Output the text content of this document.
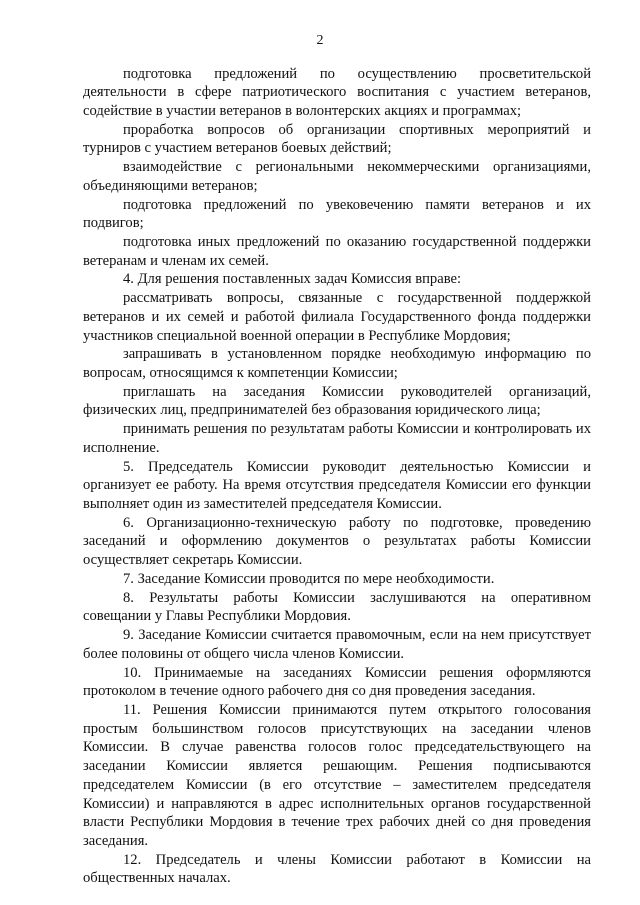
2

подготовка предложений по осуществлению просветительской деятельности в сфере патриотического воспитания с участием ветеранов, содействие в участии ветеранов в волонтерских акциях и программах;

проработка вопросов об организации спортивных мероприятий и турниров с участием ветеранов боевых действий;

взаимодействие с региональными некоммерческими организациями, объединяющими ветеранов;

подготовка предложений по увековечению памяти ветеранов и их подвигов;

подготовка иных предложений по оказанию государственной поддержки ветеранам и членам их семей.

4. Для решения поставленных задач Комиссия вправе:

рассматривать вопросы, связанные с государственной поддержкой ветеранов и их семей и работой филиала Государственного фонда поддержки участников специальной военной операции в Республике Мордовия;

запрашивать в установленном порядке необходимую информацию по вопросам, относящимся к компетенции Комиссии;

приглашать на заседания Комиссии руководителей организаций, физических лиц, предпринимателей без образования юридического лица;

принимать решения по результатам работы Комиссии и контролировать их исполнение.

5. Председатель Комиссии руководит деятельностью Комиссии и организует ее работу. На время отсутствия председателя Комиссии его функции выполняет один из заместителей председателя Комиссии.

6. Организационно-техническую работу по подготовке, проведению заседаний и оформлению документов о результатах работы Комиссии осуществляет секретарь Комиссии.

7. Заседание Комиссии проводится по мере необходимости.

8. Результаты работы Комиссии заслушиваются на оперативном совещании у Главы Республики Мордовия.

9. Заседание Комиссии считается правомочным, если на нем присутствует более половины от общего числа членов Комиссии.

10. Принимаемые на заседаниях Комиссии решения оформляются протоколом в течение одного рабочего дня со дня проведения заседания.

11. Решения Комиссии принимаются путем открытого голосования простым большинством голосов присутствующих на заседании членов Комиссии. В случае равенства голосов голос председательствующего на заседании Комиссии является решающим. Решения подписываются председателем Комиссии (в его отсутствие – заместителем председателя Комиссии) и направляются в адрес исполнительных органов государственной власти Республики Мордовия в течение трех рабочих дней со дня проведения заседания.

12. Председатель и члены Комиссии работают в Комиссии на общественных началах.
